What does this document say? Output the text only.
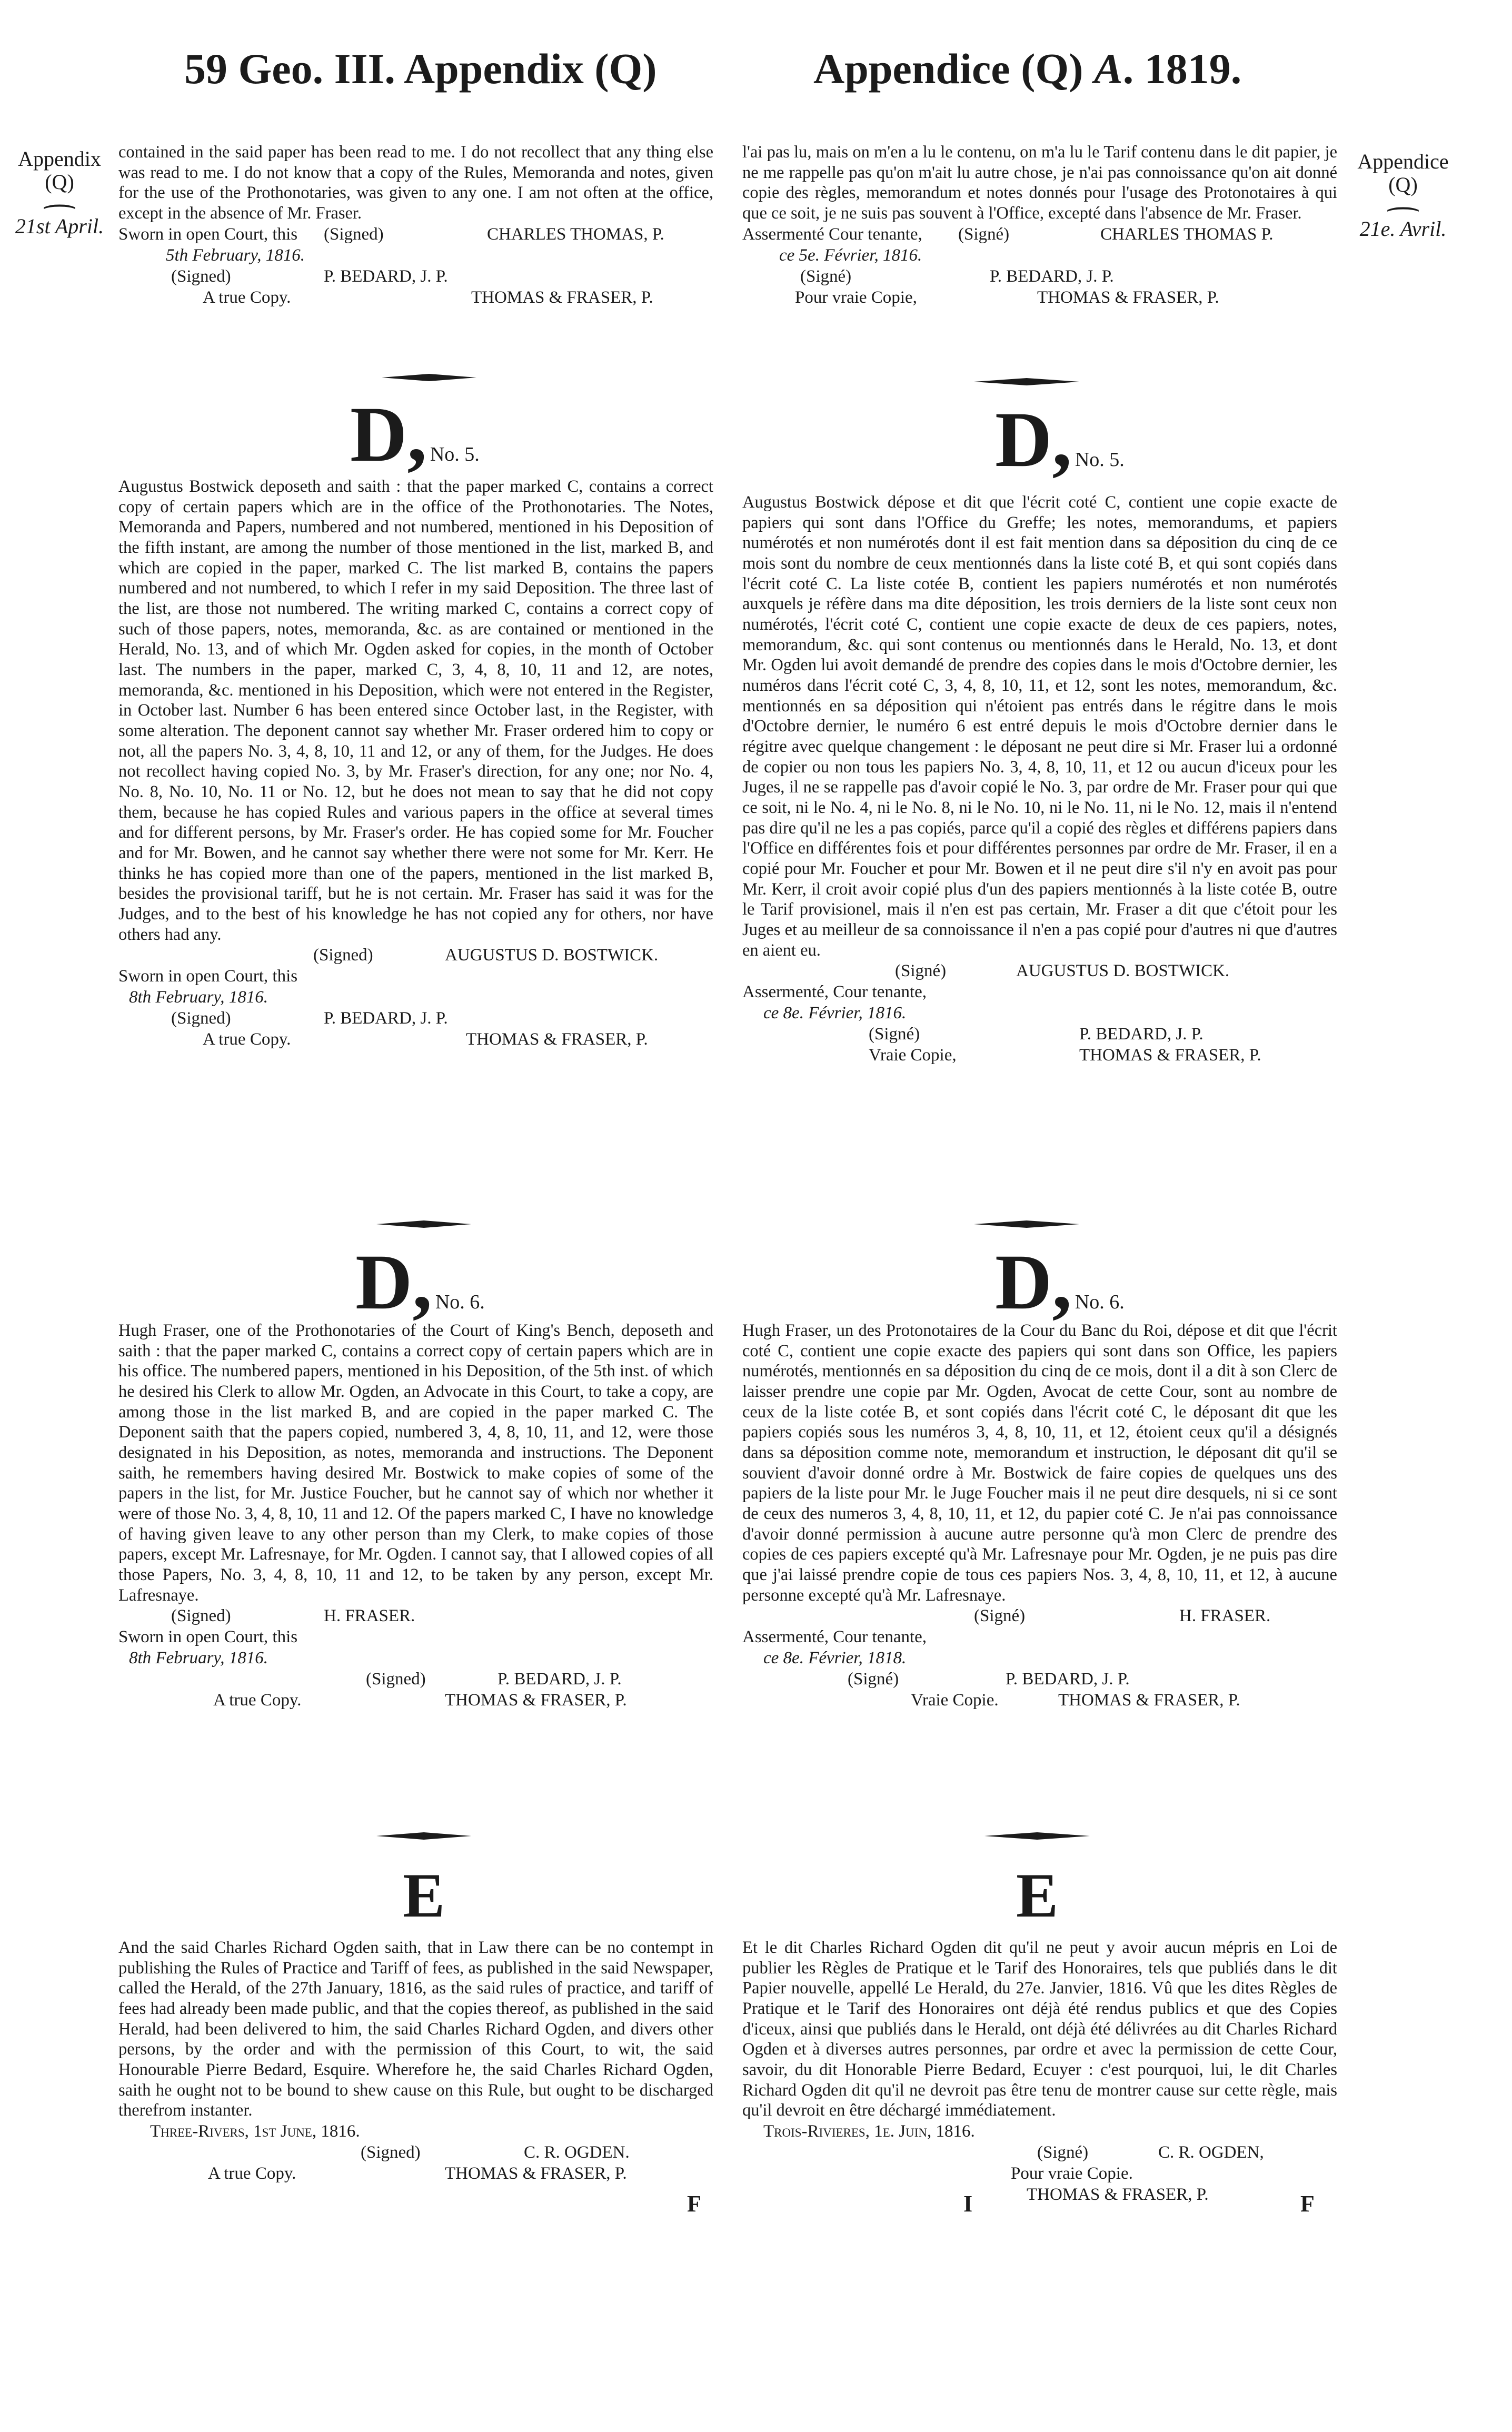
59 Geo. III. Appendix (Q)	Appendice (Q) A. 1819.
Appendix
(Q)
⌢
21st April.
Appendice
(Q)
⌢
21e. Avril.

contained in the said paper has been read to me. I do not recollect that any thing else was read to me. I do not know that a copy of the Rules, Memoranda and notes, given for the use of the Prothonotaries, was given to any one. I am not often at the office, except in the absence of Mr. Fraser.

Sworn in open Court, this (Signed)	CHARLES THOMAS, P.
5th February, 1816.
(Signed)	P. BEDARD, J. P.
A true Copy.	THOMAS & FRASER, P.
D, No. 5.

Augustus Bostwick deposeth and saith : that the paper marked C, contains a correct copy of certain papers which are in the office of the Prothonotaries. The Notes, Memoranda and Papers, numbered and not numbered, mentioned in his Deposition of the fifth instant, are among the number of those mentioned in the list, marked B, and which are copied in the paper, marked C. The list marked B, contains the papers numbered and not numbered, to which I refer in my said Deposition. The three last of the list, are those not numbered. The writing marked C, contains a correct copy of such of those papers, notes, memoranda, &c. as are contained or mentioned in the Herald, No. 13, and of which Mr. Ogden asked for copies, in the month of October last. The numbers in the paper, marked C, 3, 4, 8, 10, 11 and 12, are notes, memoranda, &c. mentioned in his Deposition, which were not entered in the Register, in October last. Number 6 has been entered since October last, in the Register, with some alteration. The deponent cannot say whether Mr. Fraser ordered him to copy or not, all the papers No. 3, 4, 8, 10, 11 and 12, or any of them, for the Judges. He does not recollect having copied No. 3, by Mr. Fraser's direction, for any one; nor No. 4, No. 8, No. 10, No. 11 or No. 12, but he does not mean to say that he did not copy them, because he has copied Rules and various papers in the office at several times and for different persons, by Mr. Fraser's order. He has copied some for Mr. Foucher and for Mr. Bowen, and he cannot say whether there were not some for Mr. Kerr. He thinks he has copied more than one of the papers, mentioned in the list marked B, besides the provisional tariff, but he is not certain. Mr. Fraser has said it was for the Judges, and to the best of his knowledge he has not copied any for others, nor have others had any.

(Signed)	AUGUSTUS D. BOSTWICK.
Sworn in open Court, this
8th February, 1816.
(Signed)	P. BEDARD, J. P.
A true Copy.	THOMAS & FRASER, P.
D, No. 6.

Hugh Fraser, one of the Prothonotaries of the Court of King's Bench, deposeth and saith : that the paper marked C, contains a correct copy of certain papers which are in his office. The numbered papers, mentioned in his Deposition, of the 5th inst. of which he desired his Clerk to allow Mr. Ogden, an Advocate in this Court, to take a copy, are among those in the list marked B, and are copied in the paper marked C. The Deponent saith that the papers copied, numbered 3, 4, 8, 10, 11, and 12, were those designated in his Deposition, as notes, memoranda and instructions. The Deponent saith, he remembers having desired Mr. Bostwick to make copies of some of the papers in the list, for Mr. Justice Foucher, but he cannot say of which nor whether it were of those No. 3, 4, 8, 10, 11 and 12. Of the papers marked C, I have no knowledge of having given leave to any other person than my Clerk, to make copies of those papers, except Mr. Lafresnaye, for Mr. Ogden. I cannot say, that I allowed copies of all those Papers, No. 3, 4, 8, 10, 11 and 12, to be taken by any person, except Mr. Lafresnaye.

(Signed)	H. FRASER.
Sworn in open Court, this
8th February, 1816.
(Signed)	P. BEDARD, J. P.
A true Copy.	THOMAS & FRASER, P.
E

And the said Charles Richard Ogden saith, that in Law there can be no contempt in publishing the Rules of Practice and Tariff of fees, as published in the said Newspaper, called the Herald, of the 27th January, 1816, as the said rules of practice, and tariff of fees had already been made public, and that the copies thereof, as published in the said Herald, had been delivered to him, the said Charles Richard Ogden, and divers other persons, by the order and with the permission of this Court, to wit, the said Honourable Pierre Bedard, Esquire. Wherefore he, the said Charles Richard Ogden, saith he ought not to be bound to shew cause on this Rule, but ought to be discharged therefrom instanter.

Three-Rivers, 1st June, 1816.
(Signed)	C. R. OGDEN.
A true Copy.	THOMAS & FRASER, P.
F

l'ai pas lu, mais on m'en a lu le contenu, on m'a lu le Tarif contenu dans le dit papier, je ne me rappelle pas qu'on m'ait lu autre chose, je n'ai pas connoissance qu'on ait donné copie des règles, memorandum et notes donnés pour l'usage des Protonotaires à qui que ce soit, je ne suis pas souvent à l'Office, excepté dans l'absence de Mr. Fraser.

Assermenté Cour tenante, (Signé)	CHARLES THOMAS P.
ce 5e. Février, 1816.
(Signé)	P. BEDARD, J. P.
Pour vraie Copie,	THOMAS & FRASER, P.
D, No. 5.

Augustus Bostwick dépose et dit que l'écrit coté C, contient une copie exacte de papiers qui sont dans l'Office du Greffe; les notes, memorandums, et papiers numérotés et non numérotés dont il est fait mention dans sa déposition du cinq de ce mois sont du nombre de ceux mentionnés dans la liste coté B, et qui sont copiés dans l'écrit coté C. La liste cotée B, contient les papiers numérotés et non numérotés auxquels je réfère dans ma dite déposition, les trois derniers de la liste sont ceux non numérotés, l'écrit coté C, contient une copie exacte de deux de ces papiers, notes, memorandum, &c. qui sont contenus ou mentionnés dans le Herald, No. 13, et dont Mr. Ogden lui avoit demandé de prendre des copies dans le mois d'Octobre dernier, les numéros dans l'écrit coté C, 3, 4, 8, 10, 11, et 12, sont les notes, memorandum, &c. mentionnés en sa déposition qui n'étoient pas entrés dans le régitre dans le mois d'Octobre dernier, le numéro 6 est entré depuis le mois d'Octobre dernier dans le régitre avec quelque changement : le déposant ne peut dire si Mr. Fraser lui a ordonné de copier ou non tous les papiers No. 3, 4, 8, 10, 11, et 12 ou aucun d'iceux pour les Juges, il ne se rappelle pas d'avoir copié le No. 3, par ordre de Mr. Fraser pour qui que ce soit, ni le No. 4, ni le No. 8, ni le No. 10, ni le No. 11, ni le No. 12, mais il n'entend pas dire qu'il ne les a pas copiés, parce qu'il a copié des règles et différens papiers dans l'Office en différentes fois et pour différentes personnes par ordre de Mr. Fraser, il en a copié pour Mr. Foucher et pour Mr. Bowen et il ne peut dire s'il n'y en avoit pas pour Mr. Kerr, il croit avoir copié plus d'un des papiers mentionnés à la liste cotée B, outre le Tarif provisionel, mais il n'en est pas certain, Mr. Fraser a dit que c'étoit pour les Juges et au meilleur de sa connoissance il n'en a pas copié pour d'autres ni que d'autres en aient eu.

(Signé)	AUGUSTUS D. BOSTWICK.
Assermenté, Cour tenante,
ce 8e. Février, 1816.
(Signé)	P. BEDARD, J. P.
Vraie Copie,	THOMAS & FRASER, P.
D, No. 6.

Hugh Fraser, un des Protonotaires de la Cour du Banc du Roi, dépose et dit que l'écrit coté C, contient une copie exacte des papiers qui sont dans son Office, les papiers numérotés, mentionnés en sa déposition du cinq de ce mois, dont il a dit à son Clerc de laisser prendre une copie par Mr. Ogden, Avocat de cette Cour, sont au nombre de ceux de la liste cotée B, et sont copiés dans l'écrit coté C, le déposant dit que les papiers copiés sous les numéros 3, 4, 8, 10, 11, et 12, étoient ceux qu'il a désignés dans sa déposition comme note, memorandum et instruction, le déposant dit qu'il se souvient d'avoir donné ordre à Mr. Bostwick de faire copies de quelques uns des papiers de la liste pour Mr. le Juge Foucher mais il ne peut dire desquels, ni si ce sont de ceux des numeros 3, 4, 8, 10, 11, et 12, du papier coté C. Je n'ai pas connoissance d'avoir donné permission à aucune autre personne qu'à mon Clerc de prendre des copies de ces papiers excepté qu'à Mr. Lafresnaye pour Mr. Ogden, je ne puis pas dire que j'ai laissé prendre copie de tous ces papiers Nos. 3, 4, 8, 10, 11, et 12, à aucune personne excepté qu'à Mr. Lafresnaye.

(Signé)	H. FRASER.
Assermenté, Cour tenante,
ce 8e. Février, 1818.
(Signé)	P. BEDARD, J. P.
Vraie Copie.	THOMAS & FRASER, P.
E

Et le dit Charles Richard Ogden dit qu'il ne peut y avoir aucun mépris en Loi de publier les Règles de Pratique et le Tarif des Honoraires, tels que publiés dans le dit Papier nouvelle, appellé Le Herald, du 27e. Janvier, 1816. Vû que les dites Règles de Pratique et le Tarif des Honoraires ont déjà été rendus publics et que des Copies d'iceux, ainsi que publiés dans le Herald, ont déjà été délivrées au dit Charles Richard Ogden et à diverses autres personnes, par ordre et avec la permission de cette Cour, savoir, du dit Honorable Pierre Bedard, Ecuyer : c'est pourquoi, lui, le dit Charles Richard Ogden dit qu'il ne devroit pas être tenu de montrer cause sur cette règle, mais qu'il devroit en être déchargé immédiatement.

Trois-Rivieres, 1e. Juin, 1816.
(Signé)	C. R. OGDEN,
Pour vraie Copie.
THOMAS & FRASER, P.
I	F
